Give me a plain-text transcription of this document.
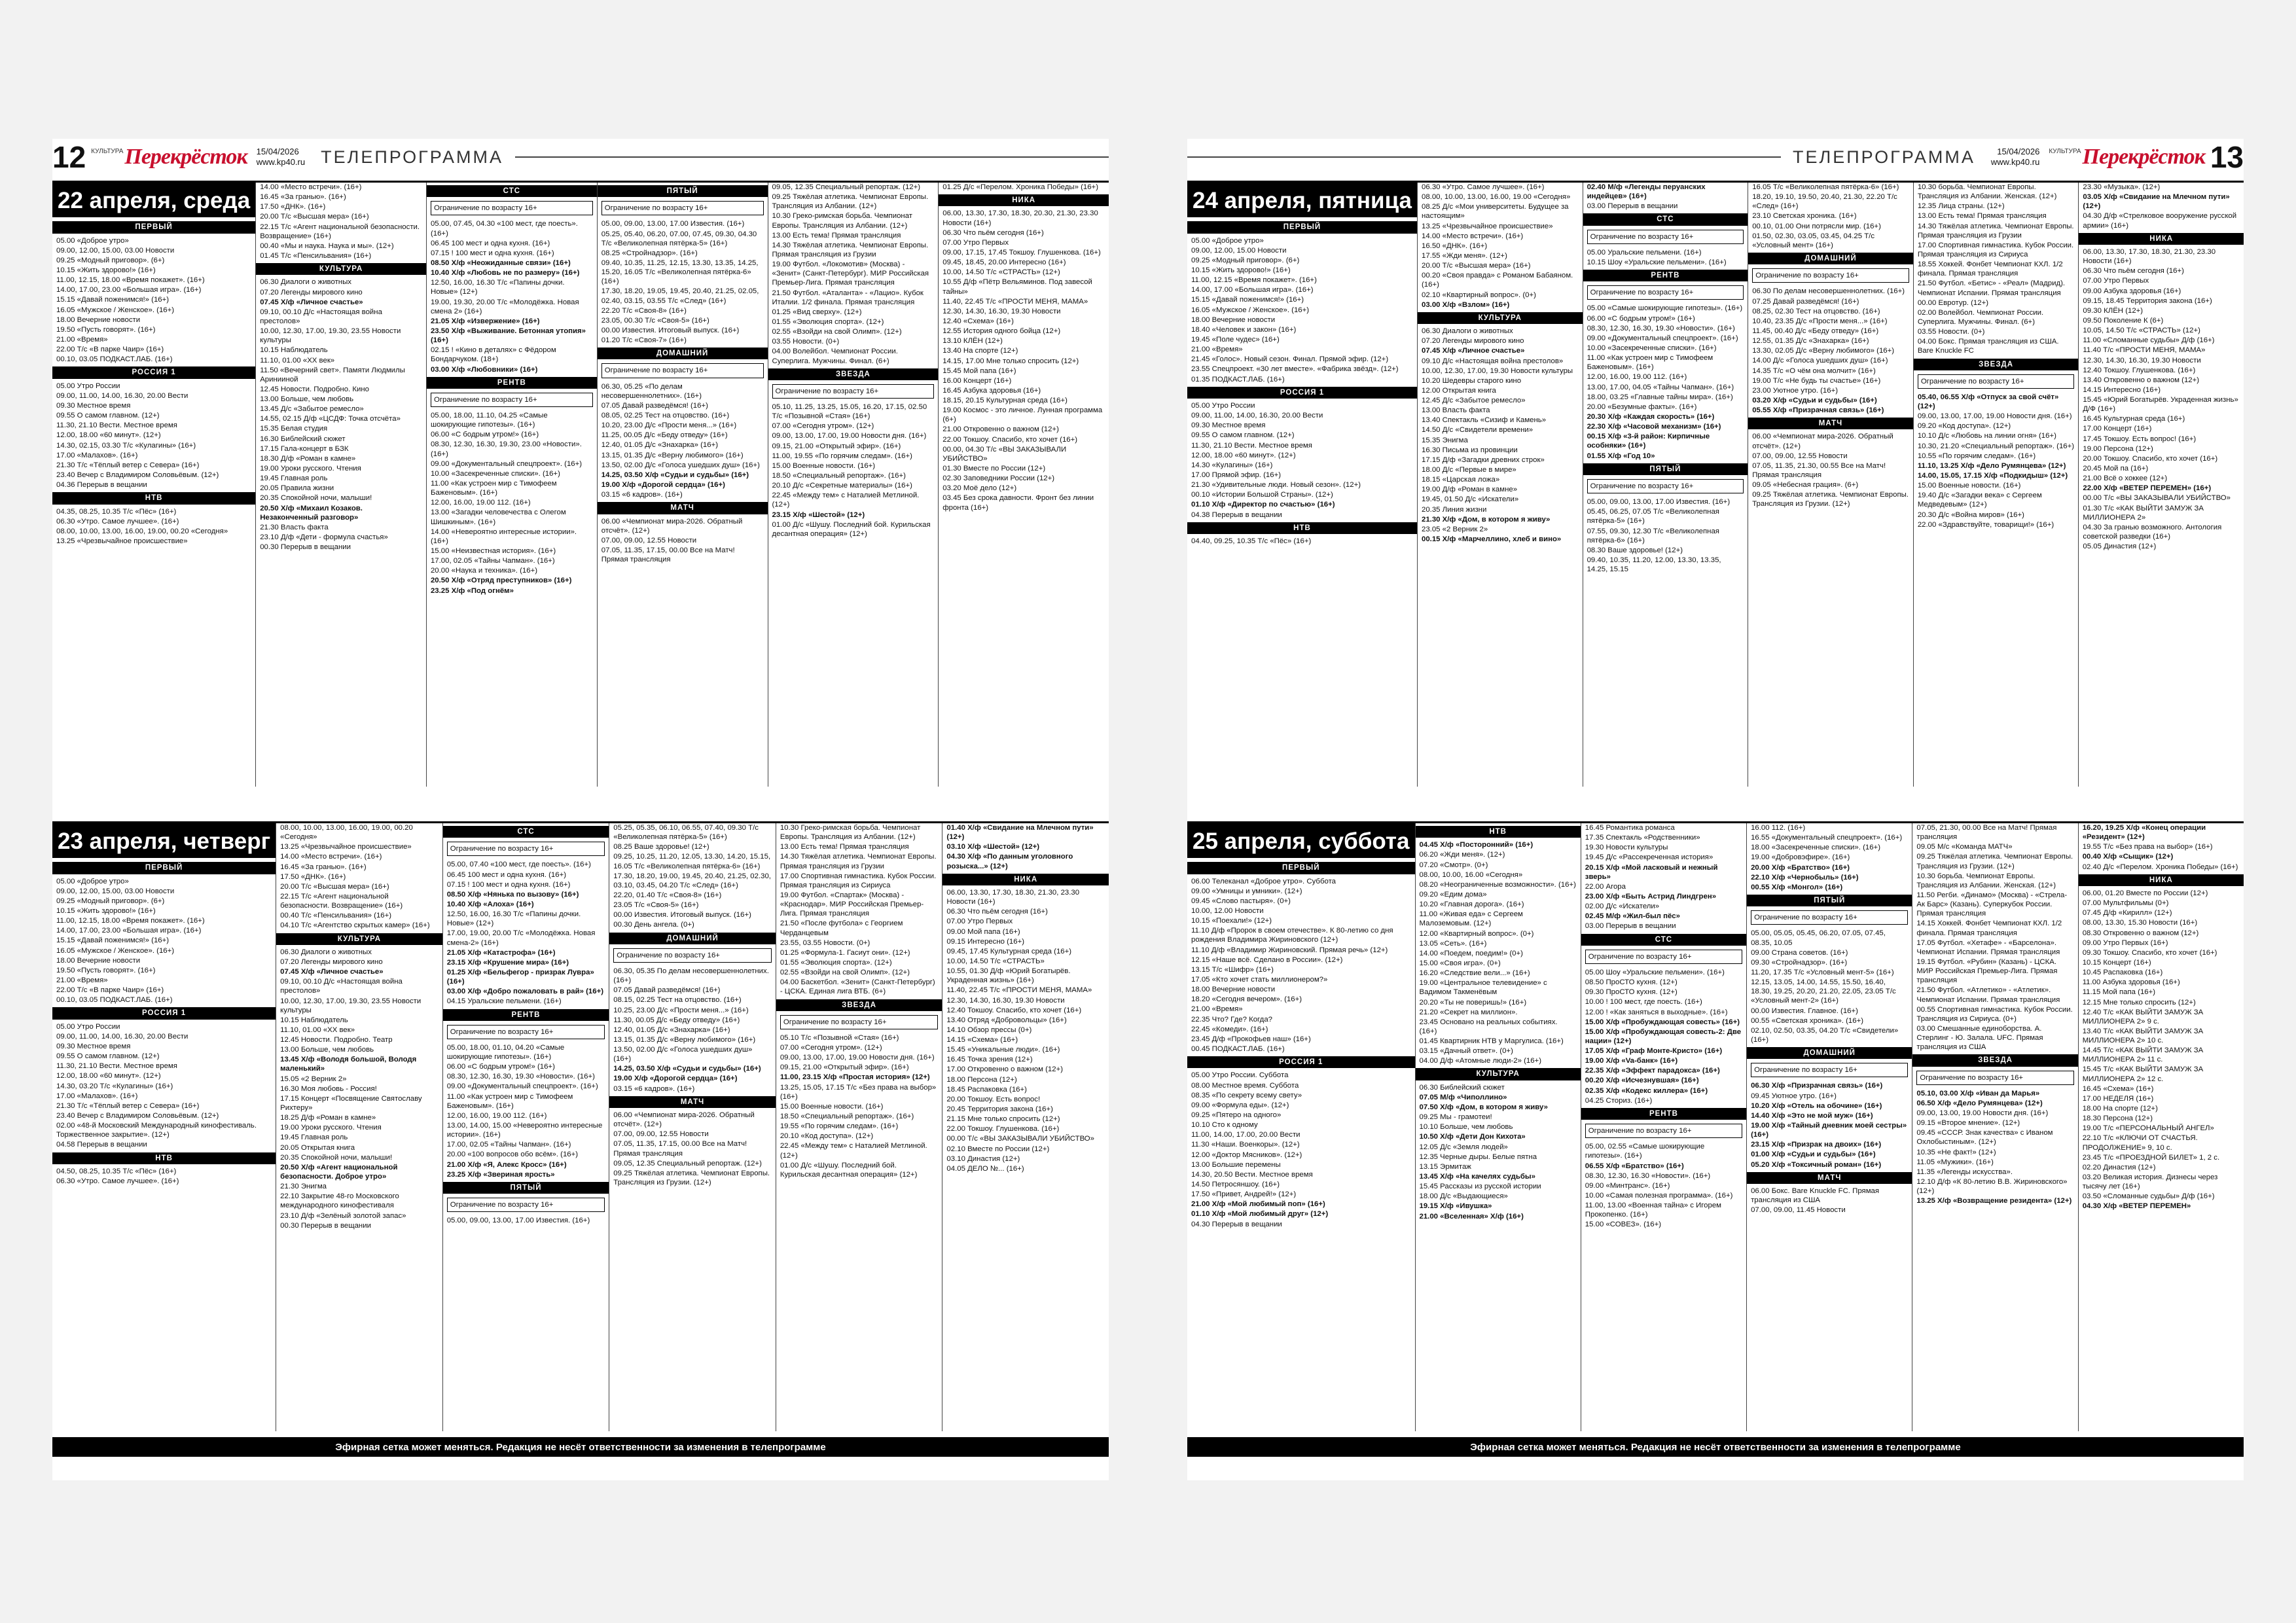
12 КУЛЬТУРА Перекрёсток 15/04/2026
www.kp40.ru ТЕЛЕПРОГРАММА
22 апреля, среда
ПЕРВЫЙ
05.00 «Доброе утро»
09.00, 12.00, 15.00, 03.00 Новости
09.25 «Модный приговор». (6+)
10.15 «Жить здорово!» (16+)
11.00, 12.15, 18.00 «Время покажет». (16+)
14.00, 17.00, 23.00 «Большая игра». (16+)
15.15 «Давай поженимся!» (16+)
16.05 «Мужское / Женское». (16+)
18.00 Вечерние новости
19.50 «Пусть говорят». (16+)
21.00 «Время»
22.00 Т/с «В парке Чаир» (16+)
00.10, 03.05 ПОДКАСТ.ЛАБ. (16+)
РОССИЯ 1
05.00 Утро России
09.00, 11.00, 14.00, 16.30, 20.00 Вести
09.30 Местное время
09.55 О самом главном. (12+)
11.30, 21.10 Вести. Местное время
12.00, 18.00 «60 минут». (12+)
14.30, 02.15, 03.30 Т/с «Кулагины» (16+)
17.00 «Малахов». (16+)
21.30 Т/с «Тёплый ветер с Севера» (16+)
23.40 Вечер с Владимиром Соловьёвым. (12+)
04.36 Перерыв в вещании
НТВ
04.35, 08.25, 10.35 Т/с «Пёс» (16+)
06.30 «Утро. Самое лучшее». (16+)
08.00, 10.00, 13.00, 16.00, 19.00, 00.20 «Сегодня»
13.25 «Чрезвычайное происшествие»
14.00 «Место встречи». (16+)
16.45 «За гранью». (16+)
17.50 «ДНК». (16+)
20.00 Т/с «Высшая мера» (16+)
22.15 Т/с «Агент национальной безопасности. Возвращение» (16+)
00.40 «Мы и наука. Наука и мы». (12+)
01.45 Т/с «Пенсильвания» (16+)
КУЛЬТУРА
06.30 Диалоги о животных
07.20 Легенды мирового кино
07.45 Х/ф «Личное счастье»
09.10, 00.10 Д/с «Настоящая война престолов»
10.00, 12.30, 17.00, 19.30, 23.55 Новости культуры
10.15 Наблюдатель
11.10, 01.00 «ХХ век»
11.50 «Вечерний свет». Памяти Людмилы Аринииной
12.45 Новости. Подробно. Кино
13.00 Больше, чем любовь
13.45 Д/с «Забытое ремесло»
14.55, 02.15 Д/ф «ЦСДФ: Точка отсчёта»
15.35 Белая студия
16.30 Библейский сюжет
17.15 Гала-концерт в БЗК
18.30 Д/ф «Роман в камне»
19.00 Уроки русского. Чтения
19.45 Главная роль
20.05 Правила жизни
20.35 Спокойной ночи, малыши!
20.50 Х/ф «Михаил Козаков. Незаконченный разговор»
21.30 Власть факта
23.10 Д/ф «Дети - формула счастья»
00.30 Перерыв в вещании
СТС
Ограничение по возрасту 16+
05.00, 07.45, 04.30 «100 мест, где поесть». (16+)
06.45 100 мест и одна кухня. (16+)
07.15 ! 100 мест и одна кухня. (16+)
08.50 Х/ф «Неожиданные связи» (16+)
10.40 Х/ф «Любовь не по размеру» (16+)
12.50, 16.00, 16.30 Т/с «Папины дочки. Новые» (12+)
19.00, 19.30, 20.00 Т/с «Молодёжка. Новая смена 2» (16+)
21.05 Х/ф «Извержение» (16+)
23.50 Х/ф «Выживание. Бетонная утопия» (16+)
02.15 ! «Кино в деталях» с Фёдором Бондарчуком. (18+)
03.00 Х/ф «Любовники» (16+)
РЕНТВ
Ограничение по возрасту 16+
05.00, 18.00, 11.10, 04.25 «Самые шокирующие гипотезы». (16+)
06.00 «С бодрым утром!» (16+)
08.30, 12.30, 16.30, 19.30, 23.00 «Новости». (16+)
09.00 «Документальный спецпроект». (16+)
10.00 «Засекреченные списки». (16+)
11.00 «Как устроен мир с Тимофеем Баженовым». (16+)
12.00, 16.00, 19.00 112. (16+)
13.00 «Загадки человечества с Олегом Шишкиным». (16+)
14.00 «Невероятно интересные истории». (16+)
15.00 «Неизвестная история». (16+)
17.00, 02.05 «Тайны Чапман». (16+)
20.00 «Наука и техника». (16+)
20.50 Х/ф «Отряд преступников» (16+)
23.25 Х/ф «Под огнём»
ПЯТЫЙ
Ограничение по возрасту 16+
05.00, 09.00, 13.00, 17.00 Известия. (16+)
05.25, 05.40, 06.20, 07.00, 07.45, 09.30, 04.30 Т/с «Великолепная пятёрка-5» (16+)
08.25 «Стройнадзор». (16+)
09.40, 10.35, 11.25, 12.15, 13.30, 13.35, 14.25, 15.20, 16.05 Т/с «Великолепная пятёрка-6» (16+)
17.30, 18.20, 19.05, 19.45, 20.40, 21.25, 02.05, 02.40, 03.15, 03.55 Т/с «След» (16+)
22.20 Т/с «Своя-8» (16+)
23.05, 00.30 Т/с «Своя-5» (16+)
00.00 Известия. Итоговый выпуск. (16+)
01.20 Т/с «Своя-7» (16+)
ДОМАШНИЙ
Ограничение по возрасту 16+
06.30, 05.25 «По делам несовершеннолетних». (16+)
07.05 Давай разведёмся! (16+)
08.05, 02.25 Тест на отцовство. (16+)
10.20, 23.00 Д/с «Прости меня...» (16+)
11.25, 00.05 Д/с «Беду отведу» (16+)
12.40, 01.05 Д/с «Знахарка» (16+)
13.15, 01.35 Д/с «Верну любимого» (16+)
13.50, 02.00 Д/с «Голоса ушедших душ» (16+)
14.25, 03.50 Х/ф «Судьи и судьбы» (16+)
19.00 Х/ф «Дорогой сердца» (16+)
03.15 «6 кадров». (16+)
МАТЧ
06.00 «Чемпионат мира-2026. Обратный отсчёт». (12+)
07.00, 09.00, 12.55 Новости
07.05, 11.35, 17.15, 00.00 Все на Матч! Прямая трансляция
09.05, 12.35 Специальный репортаж. (12+)
09.25 Тяжёлая атлетика. Чемпионат Европы. Трансляция из Албании. (12+)
10.30 Греко-римская борьба. Чемпионат Европы. Трансляция из Албании. (12+)
13.00 Есть тема! Прямая трансляция
14.30 Тяжёлая атлетика. Чемпионат Европы. Прямая трансляция из Грузии
19.00 Футбол. «Локомотив» (Москва) - «Зенит» (Санкт-Петербург). МИР Российская Премьер-Лига. Прямая трансляция
21.50 Футбол. «Аталанта» - «Лацио». Кубок Италии. 1/2 финала. Прямая трансляция
01.25 «Вид сверху». (12+)
01.55 «Эволюция спорта». (12+)
02.55 «Взойди на свой Олимп». (12+)
03.55 Новости. (0+)
04.00 Волейбол. Чемпионат России. Суперлига. Мужчины. Финал. (6+)
ЗВЕЗДА
Ограничение по возрасту 16+
05.10, 11.25, 13.25, 15.05, 16.20, 17.15, 02.50 Т/с «Позывной «Стая» (16+)
07.00 «Сегодня утром». (12+)
09.00, 13.00, 17.00, 19.00 Новости дня. (16+)
09.15, 21.00 «Открытый эфир». (16+)
11.00, 19.55 «По горячим следам». (16+)
15.00 Военные новости. (16+)
18.50 «Специальный репортаж». (16+)
20.10 Д/с «Секретные материалы» (16+)
22.45 «Между тем» с Наталией Метлиной. (12+)
23.15 Х/ф «Шестой» (12+)
01.00 Д/с «Шушу. Последний бой. Курильская десантная операция» (12+)
01.25 Д/с «Перелом. Хроника Победы» (16+)
НИКА
06.00, 13.30, 17.30, 18.30, 20.30, 21.30, 23.30 Новости (16+)
06.30 Что пьём сегодня (16+)
07.00 Утро Первых
09.00, 17.15, 17.45 Токшоу. Глушенкова. (16+)
09.45, 18.45, 20.00 Интересно (16+)
10.00, 14.50 Т/с «СТРАСТЬ» (12+)
10.55 Д/ф «Пётр Вельяминов. Под завесой тайны»
11.40, 22.45 Т/с «ПРОСТИ МЕНЯ, МАМА»
12.30, 14.30, 16.30, 19.30 Новости
12.40 «Схема» (16+)
12.55 История одного бойца (12+)
13.10 КЛЁН (12+)
13.40 На спорте (12+)
14.15, 17.00 Мне только спросить (12+)
15.45 Мой папа (16+)
16.00 Концерт (16+)
16.45 Азбука здоровья (16+)
18.15, 20.15 Культурная среда (16+)
19.00 Космос - это личное. Лунная программа (6+)
21.00 Откровенно о важном (12+)
22.00 Токшоу. Спасибо, кто хочет (16+)
00.00, 04.30 Т/с «ВЫ ЗАКАЗЫВАЛИ УБИЙСТВО»
01.30 Вместе по России (12+)
02.30 Заповедники России (12+)
03.20 Моё дело (12+)
03.45 Без срока давности. Фронт без линии фронта (16+)
23 апреля, четверг
ПЕРВЫЙ
05.00 «Доброе утро»
09.00, 12.00, 15.00, 03.00 Новости
09.25 «Модный приговор». (6+)
10.15 «Жить здорово!» (16+)
11.00, 12.15, 18.00 «Время покажет». (16+)
14.00, 17.00, 23.00 «Большая игра». (16+)
15.15 «Давай поженимся!» (16+)
16.05 «Мужское / Женское». (16+)
18.00 Вечерние новости
19.50 «Пусть говорят». (16+)
21.00 «Время»
22.00 Т/с «В парке Чаир» (16+)
00.10, 03.05 ПОДКАСТ.ЛАБ. (16+)
РОССИЯ 1
05.00 Утро России
09.00, 11.00, 14.00, 16.30, 20.00 Вести
09.30 Местное время
09.55 О самом главном. (12+)
11.30, 21.10 Вести. Местное время
12.00, 18.00 «60 минут». (12+)
14.30, 03.20 Т/с «Кулагины» (16+)
17.00 «Малахов». (16+)
21.30 Т/с «Тёплый ветер с Севера» (16+)
23.40 Вечер с Владимиром Соловьёвым. (12+)
02.00 «48-й Московский Международный кинофестиваль. Торжественное закрытие». (12+)
04.58 Перерыв в вещании
НТВ
04.50, 08.25, 10.35 Т/с «Пёс» (16+)
06.30 «Утро. Самое лучшее». (16+)
08.00, 10.00, 13.00, 16.00, 19.00, 00.20 «Сегодня»
13.25 «Чрезвычайное происшествие»
14.00 «Место встречи». (16+)
16.45 «За гранью». (16+)
17.50 «ДНК». (16+)
20.00 Т/с «Высшая мера» (16+)
22.15 Т/с «Агент национальной безопасности. Возвращение» (16+)
00.40 Т/с «Пенсильвания» (16+)
04.10 Т/с «Агентство скрытых камер» (16+)
КУЛЬТУРА
06.30 Диалоги о животных
07.20 Легенды мирового кино
07.45 Х/ф «Личное счастье»
09.10, 00.10 Д/с «Настоящая война престолов»
10.00, 12.30, 17.00, 19.30, 23.55 Новости культуры
10.15 Наблюдатель
11.10, 01.00 «ХХ век»
12.45 Новости. Подробно. Театр
13.00 Больше, чем любовь
13.45 Х/ф «Володя большой, Володя маленький»
15.05 «2 Верник 2»
16.30 Моя любовь - Россия!
17.15 Концерт «Посвящение Святославу Рихтеру»
18.25 Д/ф «Роман в камне»
19.00 Уроки русского. Чтения
19.45 Главная роль
20.05 Открытая книга
20.35 Спокойной ночи, малыши!
20.50 Х/ф «Агент национальной безопасности. Доброе утро»
21.30 Энигма
22.10 Закрытие 48-го Московского международного кинофестиваля
23.10 Д/ф «Зелёный золотой запас»
00.30 Перерыв в вещании
СТС
Ограничение по возрасту 16+
05.00, 07.40 «100 мест, где поесть». (16+)
06.45 100 мест и одна кухня. (16+)
07.15 ! 100 мест и одна кухня. (16+)
08.50 Х/ф «Нянька по вызову» (16+)
10.40 Х/ф «Алоха» (16+)
12.50, 16.00, 16.30 Т/с «Папины дочки. Новые» (12+)
17.00, 19.00, 20.00 Т/с «Молодёжка. Новая смена-2» (16+)
21.05 Х/ф «Катастрофа» (16+)
23.15 Х/ф «Крушение мира» (16+)
01.25 Х/ф «Бельфегор - призрак Лувра» (16+)
03.00 Х/ф «Добро пожаловать в рай» (16+)
04.15 Уральские пельмени. (16+)
РЕНТВ
Ограничение по возрасту 16+
05.00, 18.00, 01.10, 04.20 «Самые шокирующие гипотезы». (16+)
06.00 «С бодрым утром!» (16+)
08.30, 12.30, 16.30, 19.30 «Новости». (16+)
09.00 «Документальный спецпроект». (16+)
11.00 «Как устроен мир с Тимофеем Баженовым». (16+)
12.00, 16.00, 19.00 112. (16+)
13.00, 14.00, 15.00 «Невероятно интересные истории». (16+)
17.00, 02.05 «Тайны Чапман». (16+)
20.00 «100 вопросов обо всём». (16+)
21.00 Х/ф «Я, Алекс Кросс» (16+)
23.25 Х/ф «Звериная ярость»
ПЯТЫЙ
Ограничение по возрасту 16+
05.00, 09.00, 13.00, 17.00 Известия. (16+)
05.25, 05.35, 06.10, 06.55, 07.40, 09.30 Т/с «Великолепная пятёрка-5» (16+)
08.25 Ваше здоровье! (12+)
09.25, 10.25, 11.20, 12.05, 13.30, 14.20, 15.15, 16.05 Т/с «Великолепная пятёрка-6» (16+)
17.30, 18.20, 19.00, 19.45, 20.40, 21.25, 02.30, 03.10, 03.45, 04.20 Т/с «След» (16+)
22.20, 01.40 Т/с «Своя-8» (16+)
23.05 Т/с «Своя-5» (16+)
00.00 Известия. Итоговый выпуск. (16+)
00.30 День ангела. (0+)
ДОМАШНИЙ
Ограничение по возрасту 16+
06.30, 05.35 По делам несовершеннолетних. (16+)
07.05 Давай разведёмся! (16+)
08.15, 02.25 Тест на отцовство. (16+)
10.25, 23.00 Д/с «Прости меня...» (16+)
11.30, 00.05 Д/с «Беду отведу» (16+)
12.40, 01.05 Д/с «Знахарка» (16+)
13.15, 01.35 Д/с «Верну любимого» (16+)
13.50, 02.00 Д/с «Голоса ушедших душ» (16+)
14.25, 03.50 Х/ф «Судьи и судьбы» (16+)
19.00 Х/ф «Дорогой сердца» (16+)
03.15 «6 кадров». (16+)
МАТЧ
06.00 «Чемпионат мира-2026. Обратный отсчёт». (12+)
07.00, 09.00, 12.55 Новости
07.05, 11.35, 17.15, 00.00 Все на Матч! Прямая трансляция
09.05, 12.35 Специальный репортаж. (12+)
09.25 Тяжёлая атлетика. Чемпионат Европы. Трансляция из Грузии. (12+)
10.30 Греко-римская борьба. Чемпионат Европы. Трансляция из Албании. (12+)
13.00 Есть тема! Прямая трансляция
14.30 Тяжёлая атлетика. Чемпионат Европы. Прямая трансляция из Грузии
17.00 Спортивная гимнастика. Кубок России. Прямая трансляция из Сириуса
19.00 Футбол. «Спартак» (Москва) - «Краснодар». МИР Российская Премьер-Лига. Прямая трансляция
21.50 «После футбола» с Георгием Черданцевым
23.55, 03.55 Новости. (0+)
01.25 «Формула-1. Гасиут они». (12+)
01.55 «Эволюция спорта». (12+)
02.55 «Взойди на свой Олимп». (12+)
04.00 Баскетбол. «Зенит» (Санкт-Петербург) - ЦСКА. Единая лига ВТБ. (6+)
ЗВЕЗДА
Ограничение по возрасту 16+
05.10 Т/с «Позывной «Стая» (16+)
07.00 «Сегодня утром». (12+)
09.00, 13.00, 17.00, 19.00 Новости дня. (16+)
09.15, 21.00 «Открытый эфир». (16+)
11.00, 23.15 Х/ф «Простая история» (12+)
13.25, 15.05, 17.15 Т/с «Без права на выбор» (16+)
15.00 Военные новости. (16+)
18.50 «Специальный репортаж». (16+)
19.55 «По горячим следам». (16+)
20.10 «Код доступа». (12+)
22.45 «Между тем» с Наталией Метлиной. (12+)
01.00 Д/с «Шушу. Последний бой. Курильская десантная операция» (12+)
01.40 Х/ф «Свидание на Млечном пути» (12+)
03.10 Х/ф «Шестой» (12+)
04.30 Х/ф «По данным уголовного розыска...» (12+)
НИКА
06.00, 13.30, 17.30, 18.30, 21.30, 23.30 Новости (16+)
06.30 Что пьём сегодня (16+)
07.00 Утро Первых
09.00 Мой папа (16+)
09.15 Интересно (16+)
09.45, 17.45 Культурная среда (16+)
10.00, 14.50 Т/с «СТРАСТЬ»
10.55, 01.30 Д/ф «Юрий Богатырёв. Украденная жизнь» (16+)
11.40, 22.45 Т/с «ПРОСТИ МЕНЯ, МАМА»
12.30, 14.30, 16.30, 19.30 Новости
12.40 Токшоу. Спасибо, кто хочет (16+)
13.40 Отряд «Добровольцы» (16+)
14.10 Обзор прессы (0+)
14.15 «Схема» (16+)
15.45 «Уникальные люди». (16+)
16.45 Точка зрения (12+)
17.00 Откровенно о важном (12+)
18.00 Персона (12+)
18.45 Распаковка (16+)
20.00 Токшоу. Есть вопрос!
20.45 Территория закона (16+)
21.15 Мне только спросить (12+)
22.00 Токшоу. Глушенкова. (16+)
00.00 Т/с «ВЫ ЗАКАЗЫВАЛИ УБИЙСТВО»
02.10 Вместе по России (12+)
03.10 Династия (12+)
04.05 ДЕЛО №... (16+)
Эфирная сетка может меняться. Редакция не несёт ответственности за изменения в телепрограмме
13
КУЛЬТУРА Перекрёсток
15/04/2026
www.kp40.ru
ТЕЛЕПРОГРАММА
24 апреля, пятница
ПЕРВЫЙ
05.00 «Доброе утро»
09.00, 12.00, 15.00 Новости
09.25 «Модный приговор». (6+)
10.15 «Жить здорово!» (16+)
11.00, 12.15 «Время покажет». (16+)
14.00, 17.00 «Большая игра». (16+)
15.15 «Давай поженимся!» (16+)
16.05 «Мужское / Женское». (16+)
18.00 Вечерние новости
18.40 «Человек и закон» (16+)
19.45 «Поле чудес» (16+)
21.00 «Время»
21.45 «Голос». Новый сезон. Финал. Прямой эфир. (12+)
23.55 Спецпроект. «30 лет вместе». «Фабрика звёзд». (12+)
01.35 ПОДКАСТ.ЛАБ. (16+)
РОССИЯ 1
05.00 Утро России
09.00, 11.00, 14.00, 16.30, 20.00 Вести
09.30 Местное время
09.55 О самом главном. (12+)
11.30, 21.10 Вести. Местное время
12.00, 18.00 «60 минут». (12+)
14.30 «Кулагины» (16+)
17.00 Прямой эфир. (16+)
21.30 «Удивительные люди. Новый сезон». (12+)
00.10 «Истории Большой Страны». (12+)
01.10 Х/ф «Директор по счастью» (16+)
04.38 Перерыв в вещании
НТВ
04.40, 09.25, 10.35 Т/с «Пёс» (16+)
06.30 «Утро. Самое лучшее». (16+)
08.00, 10.00, 13.00, 16.00, 19.00 «Сегодня»
08.25 Д/с «Мои университеты. Будущее за настоящим»
13.25 «Чрезвычайное происшествие»
14.00 «Место встречи». (16+)
16.50 «ДНК». (16+)
17.55 «Жди меня». (12+)
20.00 Т/с «Высшая мера» (16+)
00.20 «Своя правда» с Романом Бабаяном. (16+)
02.10 «Квартирный вопрос». (0+)
03.00 Х/ф «Взлом» (16+)
КУЛЬТУРА
06.30 Диалоги о животных
07.20 Легенды мирового кино
07.45 Х/ф «Личное счастье»
09.10 Д/с «Настоящая война престолов»
10.00, 12.30, 17.00, 19.30 Новости культуры
10.20 Шедевры старого кино
12.00 Открытая книга
12.45 Д/с «Забытое ремесло»
13.00 Власть факта
13.40 Спектакль «Сизиф и Камень»
14.50 Д/с «Свидетели времени»
15.35 Энигма
16.30 Письма из провинции
17.15 Д/ф «Загадки древних строк»
18.00 Д/с «Первые в мире»
18.15 «Царская ложа»
19.00 Д/ф «Роман в камне»
19.45, 01.50 Д/с «Искатели»
20.35 Линия жизни
21.30 Х/ф «Дом, в котором я живу»
23.05 «2 Верник 2»
00.15 Х/ф «Марчеллино, хлеб и вино»
02.40 М/ф «Легенды перуанских индейцев» (16+)
03.00 Перерыв в вещании
СТС
Ограничение по возрасту 16+
05.00 Уральские пельмени. (16+)
10.15 Шоу «Уральские пельмени». (16+)
РЕНТВ
Ограничение по возрасту 16+
05.00 «Самые шокирующие гипотезы». (16+)
06.00 «С бодрым утром!» (16+)
08.30, 12.30, 16.30, 19.30 «Новости». (16+)
09.00 «Документальный спецпроект». (16+)
10.00 «Засекреченные списки». (16+)
11.00 «Как устроен мир с Тимофеем Баженовым». (16+)
12.00, 16.00, 19.00 112. (16+)
13.00, 17.00, 04.05 «Тайны Чапман». (16+)
18.00, 03.25 «Главные тайны мира». (16+)
20.00 «Безумные факты». (16+)
20.30 Х/ф «Каждая скорость» (16+)
22.30 Х/ф «Часовой механизм» (16+)
00.15 Х/ф «3-й район: Кирпичные особняки» (16+)
01.55 Х/ф «Год 10»
ПЯТЫЙ
Ограничение по возрасту 16+
05.00, 09.00, 13.00, 17.00 Известия. (16+)
05.45, 06.25, 07.05 Т/с «Великолепная пятёрка-5» (16+)
07.55, 09.30, 12.30 Т/с «Великолепная пятёрка-6» (16+)
08.30 Ваше здоровье! (12+)
09.40, 10.35, 11.20, 12.00, 13.30, 13.35, 14.25, 15.15
16.05 Т/с «Великолепная пятёрка-6» (16+)
18.20, 19.10, 19.50, 20.40, 21.30, 22.20 Т/с «След» (16+)
23.10 Светская хроника. (16+)
00.10, 01.00 Они потрясли мир. (16+)
01.50, 02.30, 03.05, 03.45, 04.25 Т/с «Условный мент» (16+)
ДОМАШНИЙ
Ограничение по возрасту 16+
06.30 По делам несовершеннолетних. (16+)
07.25 Давай разведёмся! (16+)
08.25, 02.30 Тест на отцовство. (16+)
10.40, 23.35 Д/с «Прости меня...» (16+)
11.45, 00.40 Д/с «Беду отведу» (16+)
12.55, 01.35 Д/с «Знахарка» (16+)
13.30, 02.05 Д/с «Верну любимого» (16+)
14.00 Д/с «Голоса ушедших душ» (16+)
14.35 Т/с «О чём она молчит» (16+)
19.00 Т/с «Не будь ты счастье» (16+)
23.00 Уютное утро. (16+)
03.20 Х/ф «Судьи и судьбы» (16+)
05.55 Х/ф «Призрачная связь» (16+)
МАТЧ
06.00 «Чемпионат мира-2026. Обратный отсчёт». (12+)
07.00, 09.00, 12.55 Новости
07.05, 11.35, 21.30, 00.55 Все на Матч! Прямая трансляция
09.05 «Небесная грация». (6+)
09.25 Тяжёлая атлетика. Чемпионат Европы. Трансляция из Грузии. (12+)
10.30 борьба. Чемпионат Европы. Трансляция из Албании. Женская. (12+)
12.35 Лица страны. (12+)
13.00 Есть тема! Прямая трансляция
14.30 Тяжёлая атлетика. Чемпионат Европы. Прямая трансляция из Грузии
17.00 Спортивная гимнастика. Кубок России. Прямая трансляция из Сириуса
18.55 Хоккей. Фонбет Чемпионат КХЛ. 1/2 финала. Прямая трансляция
21.50 Футбол. «Бетис» - «Реал» (Мадрид). Чемпионат Испании. Прямая трансляция
00.00 Евротур. (12+)
02.00 Волейбол. Чемпионат России. Суперлига. Мужчины. Финал. (6+)
03.55 Новости. (0+)
04.00 Бокс. Прямая трансляция из США. Bare Knuckle FC
ЗВЕЗДА
Ограничение по возрасту 16+
05.40, 06.55 Х/ф «Отпуск за свой счёт» (12+)
09.00, 13.00, 17.00, 19.00 Новости дня. (16+)
09.20 «Код доступа». (12+)
10.10 Д/с «Любовь на линии огня» (16+)
10.30, 21.20 «Специальный репортаж». (16+)
10.55 «По горячим следам». (16+)
11.10, 13.25 Х/ф «Дело Румянцева» (12+)
14.00, 15.05, 17.15 Х/ф «Подкидыш» (12+)
15.00 Военные новости. (16+)
19.40 Д/с «Загадки века» с Сергеем Медведевым» (12+)
20.30 Д/с «Война миров» (16+)
22.00 «Здравствуйте, товарищи!» (16+)
23.30 «Музыка». (12+)
03.05 Х/ф «Свидание на Млечном пути» (12+)
04.30 Д/ф «Стрелковое вооружение русской армии» (16+)
НИКА
06.00, 13.30, 17.30, 18.30, 21.30, 23.30 Новости (16+)
06.30 Что пьём сегодня (16+)
07.00 Утро Первых
09.00 Азбука здоровья (16+)
09.15, 18.45 Территория закона (16+)
09.30 КЛЁН (12+)
09.50 Поколение К (6+)
10.05, 14.50 Т/с «СТРАСТЬ» (12+)
11.00 «Сломанные судьбы» Д/ф (16+)
11.40 Т/с «ПРОСТИ МЕНЯ, МАМА»
12.30, 14.30, 16.30, 19.30 Новости
12.40 Токшоу. Глушенкова. (16+)
13.40 Откровенно о важном (12+)
14.15 Интересно (16+)
15.45 «Юрий Богатырёв. Украденная жизнь» Д/Ф (16+)
16.45 Культурная среда (16+)
17.00 Концерт (16+)
17.45 Токшоу. Есть вопрос! (16+)
19.00 Персона (12+)
20.00 Токшоу. Спасибо, кто хочет (16+)
20.45 Мой па (16+)
21.00 Всё о хоккее (12+)
22.00 Х/ф «ВЕТЕР ПЕРЕМЕН» (16+)
00.00 Т/с «ВЫ ЗАКАЗЫВАЛИ УБИЙСТВО»
01.30 Т/с «КАК ВЫЙТИ ЗАМУЖ ЗА МИЛЛИОНЕРА 2»
04.30 За гранью возможного. Антология советской разведки (16+)
05.05 Династия (12+)
25 апреля, суббота
ПЕРВЫЙ
06.00 Телеканал «Доброе утро». Суббота
09.00 «Умницы и умники». (12+)
09.45 «Слово пастыря». (0+)
10.00, 12.00 Новости
10.15 «Поехали!» (12+)
11.10 Д/ф «Пророк в своем отечестве». К 80-летию со дня рождения Владимира Жириновского (12+)
11.10 Д/ф «Владимир Жириновский. Прямая речь» (12+)
12.15 «Наше всё. Сделано в России». (12+)
13.15 Т/с «Шифр» (16+)
17.05 «Кто хочет стать миллионером?»
18.00 Вечерние новости
18.20 «Сегодня вечером». (16+)
21.00 «Время»
22.35 Что? Где? Когда?
22.45 «Комеди». (16+)
23.45 Д/ф «Прокофьев наш» (16+)
00.45 ПОДКАСТ.ЛАБ. (16+)
РОССИЯ 1
05.00 Утро России. Суббота
08.00 Местное время. Суббота
08.35 «По секрету всему свету»
09.00 «Формула еды». (12+)
09.25 «Пятеро на одного»
10.10 Сто к одному
11.00, 14.00, 17.00, 20.00 Вести
11.30 «Наши. Военкоры». (12+)
12.00 «Доктор Мясников». (12+)
13.00 Большие перемены
14.30, 20.50 Вести. Местное время
14.50 Петросяншоу. (16+)
17.50 «Привет, Андрей!» (12+)
21.00 Х/ф «Мой любимый поп» (16+)
01.10 Х/ф «Мой любимый друг» (12+)
04.30 Перерыв в вещании
НТВ
04.45 Х/ф «Посторонний» (16+)
06.20 «Жди меня». (12+)
07.20 «Смотр». (0+)
08.00, 10.00, 16.00 «Сегодня»
08.20 «Неограниченные возможности». (16+)
09.20 «Едим дома»
10.20 «Главная дорога». (16+)
11.00 «Живая еда» с Сергеем Малоземовым. (12+)
12.00 «Квартирный вопрос». (0+)
13.05 «Сеть». (16+)
14.00 «Поедем, поедим!» (0+)
15.00 «Своя игра». (0+)
16.20 «Следствие вели...» (16+)
19.00 «Центральное телевидение» с Вадимом Такменёвым
20.20 «Ты не поверишь!» (16+)
21.20 «Секрет на миллион».
23.45 Основано на реальных событиях. (16+)
01.45 Квартирник НТВ у Маргулиса. (16+)
03.15 «Дачный ответ». (0+)
04.00 Д/ф «Атомные люди-2» (16+)
КУЛЬТУРА
06.30 Библейский сюжет
07.05 М/ф «Чиполлино»
07.50 Х/ф «Дом, в котором я живу»
09.25 Мы - грамотеи!
10.10 Больше, чем любовь
10.50 Х/ф «Дети Дон Кихота»
12.05 Д/с «Земля людей»
12.35 Черные дыры. Белые пятна
13.15 Эрмитаж
13.45 Х/ф «На качелях судьбы»
15.45 Рассказы из русской истории
18.00 Д/с «Выдающиеся»
19.15 Х/ф «Ивушка»
21.00 «Вселенная» Х/ф (16+)
16.45 Романтика романса
17.35 Спектакль «Родственники»
19.30 Новости культуры
19.45 Д/с «Рассекреченная история»
20.15 Х/ф «Мой ласковый и нежный зверь»
22.00 Агора
23.00 Х/ф «Быть Астрид Линдгрен»
02.00 Д/с «Искатели»
02.45 М/ф «Жил-был пёс»
03.00 Перерыв в вещании
СТС
Ограничение по возрасту 16+
05.00 Шоу «Уральские пельмени». (16+)
08.50 ПроСТО кухня. (12+)
09.30 ПроСТО кухня. (12+)
10.00 ! 100 мест, где поесть. (16+)
12.00 ! «Как заняться в выходные». (16+)
15.00 Х/ф «Пробуждающая совесть» (16+)
15.00 Х/ф «Пробуждающая совесть-2: Две нации» (12+)
17.05 Х/ф «Граф Монте-Кристо» (16+)
19.00 Х/ф «Va-банк» (16+)
22.35 Х/ф «Эффект парадокса» (16+)
00.20 Х/ф «Исчезнувшая» (16+)
02.35 Х/ф «Кодекс киллера» (16+)
04.25 Сториз. (16+)
РЕНТВ
Ограничение по возрасту 16+
05.00, 02.55 «Самые шокирующие гипотезы». (16+)
06.55 Х/ф «Братство» (16+)
08.30, 12.30, 16.30 «Новости». (16+)
09.00 «Минтранс». (16+)
10.00 «Самая полезная программа». (16+)
11.00, 13.00 «Военная тайна» с Игорем Прокопенко. (16+)
15.00 «СОВЕЗ». (16+)
16.00 112. (16+)
16.55 «Документальный спецпроект». (16+)
18.00 «Засекреченные списки». (16+)
19.00 «Добровэфире». (16+)
20.00 Х/ф «Братство» (16+)
22.10 Х/ф «Чернобыль» (16+)
00.55 Х/ф «Монгол» (16+)
ПЯТЫЙ
Ограничение по возрасту 16+
05.00, 05.05, 05.45, 06.20, 07.05, 07.45, 08.35, 10.05
09.00 Страна советов. (16+)
09.30 «Стройнадзор». (16+)
11.20, 17.35 Т/с «Условный мент-5» (16+)
12.15, 13.05, 14.00, 14.55, 15.50, 16.40, 18.30, 19.25, 20.20, 21.20, 22.05, 23.05 Т/с «Условный мент-2» (16+)
00.00 Известия. Главное. (16+)
00.55 «Светская хроника». (16+)
02.10, 02.50, 03.35, 04.20 Т/с «Свидетели» (16+)
ДОМАШНИЙ
Ограничение по возрасту 16+
06.30 Х/ф «Призрачная связь» (16+)
09.45 Уютное утро. (16+)
10.20 Х/ф «Отель на обочине» (16+)
14.40 Х/ф «Это не мой муж» (16+)
19.00 Х/ф «Тайный дневник моей сестры» (16+)
23.15 Х/ф «Призрак на двоих» (16+)
01.00 Х/ф «Судьи и судьбы» (16+)
05.20 Х/ф «Токсичный роман» (16+)
МАТЧ
06.00 Бокс. Bare Knuckle FC. Прямая трансляция из США
07.00, 09.00, 11.45 Новости
07.05, 21.30, 00.00 Все на Матч! Прямая трансляция
09.05 М/с «Команда МАТЧ»
09.25 Тяжёлая атлетика. Чемпионат Европы. Трансляция из Грузии. (12+)
10.30 борьба. Чемпионат Европы. Трансляция из Албании. Женская. (12+)
11.50 Регби. «Динамо» (Москва) - «Стрела-Ак Барс» (Казань). Суперкубок России. Прямая трансляция
14.15 Хоккей. Фонбет Чемпионат КХЛ. 1/2 финала. Прямая трансляция
17.05 Футбол. «Хетафе» - «Барселона». Чемпионат Испании. Прямая трансляция
19.15 Футбол. «Рубин» (Казань) - ЦСКА. МИР Российская Премьер-Лига. Прямая трансляция
21.50 Футбол. «Атлетико» - «Атлетик». Чемпионат Испании. Прямая трансляция
00.55 Спортивная гимнастика. Кубок России. Трансляция из Сириуса. (0+)
03.00 Смешанные единоборства. А. Стерлинг - Ю. Залала. UFC. Прямая трансляция из США
ЗВЕЗДА
Ограничение по возрасту 16+
05.10, 03.00 Х/ф «Иван да Марья»
06.50 Х/ф «Дело Румянцева» (12+)
09.00, 13.00, 19.00 Новости дня. (16+)
09.15 «Второе мнение». (12+)
09.45 «СССР. Знак качества» с Иваном Охлобыстиным». (12+)
10.35 «Не факт!» (12+)
11.05 «Мужики». (16+)
11.35 «Легенды искусства».
12.10 Д/ф «К 80-летию В.В. Жириновского» (12+)
13.25 Х/ф «Возвращение резидента» (12+)
16.20, 19.25 Х/ф «Конец операции «Резидент» (12+)
19.55 Т/с «Без права на выбор» (16+)
00.40 Х/ф «Сыщик» (12+)
02.40 Д/с «Перелом. Хроника Победы» (16+)
НИКА
06.00, 01.20 Вместе по России (12+)
07.00 Мультфильмы (0+)
07.45 Д/ф «Кирилл» (12+)
08.00, 13.30, 15.30 Новости (16+)
08.30 Откровенно о важном (12+)
09.00 Утро Первых (16+)
09.30 Токшоу. Спасибо, кто хочет (16+)
10.15 Концерт (16+)
10.45 Распаковка (16+)
11.00 Азбука здоровья (16+)
11.15 Мой папа (16+)
12.15 Мне только спросить (12+)
12.40 Т/с «КАК ВЫЙТИ ЗАМУЖ ЗА МИЛЛИОНЕРА 2» 9 с.
13.40 Т/с «КАК ВЫЙТИ ЗАМУЖ ЗА МИЛЛИОНЕРА 2» 10 с.
14.45 Т/с «КАК ВЫЙТИ ЗАМУЖ ЗА МИЛЛИОНЕРА 2» 11 с.
15.45 Т/с «КАК ВЫЙТИ ЗАМУЖ ЗА МИЛЛИОНЕРА 2» 12 с.
16.45 «Схема» (16+)
17.00 НЕДЕЛЯ (16+)
18.00 На спорте (12+)
18.30 Персона (12+)
19.00 Т/с «ПЕРСОНАЛЬНЫЙ АНГЕЛ»
22.10 Т/с «КЛЮЧИ ОТ СЧАСТЬЯ. ПРОДОЛЖЕНИЕ» 9, 10 с.
23.45 Т/с «ПРОЕЗДНОЙ БИЛЕТ» 1, 2 с.
02.20 Династия (12+)
03.20 Великая история. Дизнесы через тысячу лет (16+)
03.50 «Сломанные судьбы» Д/ф (16+)
04.30 Х/ф «ВЕТЕР ПЕРЕМЕН»
Эфирная сетка может меняться. Редакция не несёт ответственности за изменения в телепрограмме
